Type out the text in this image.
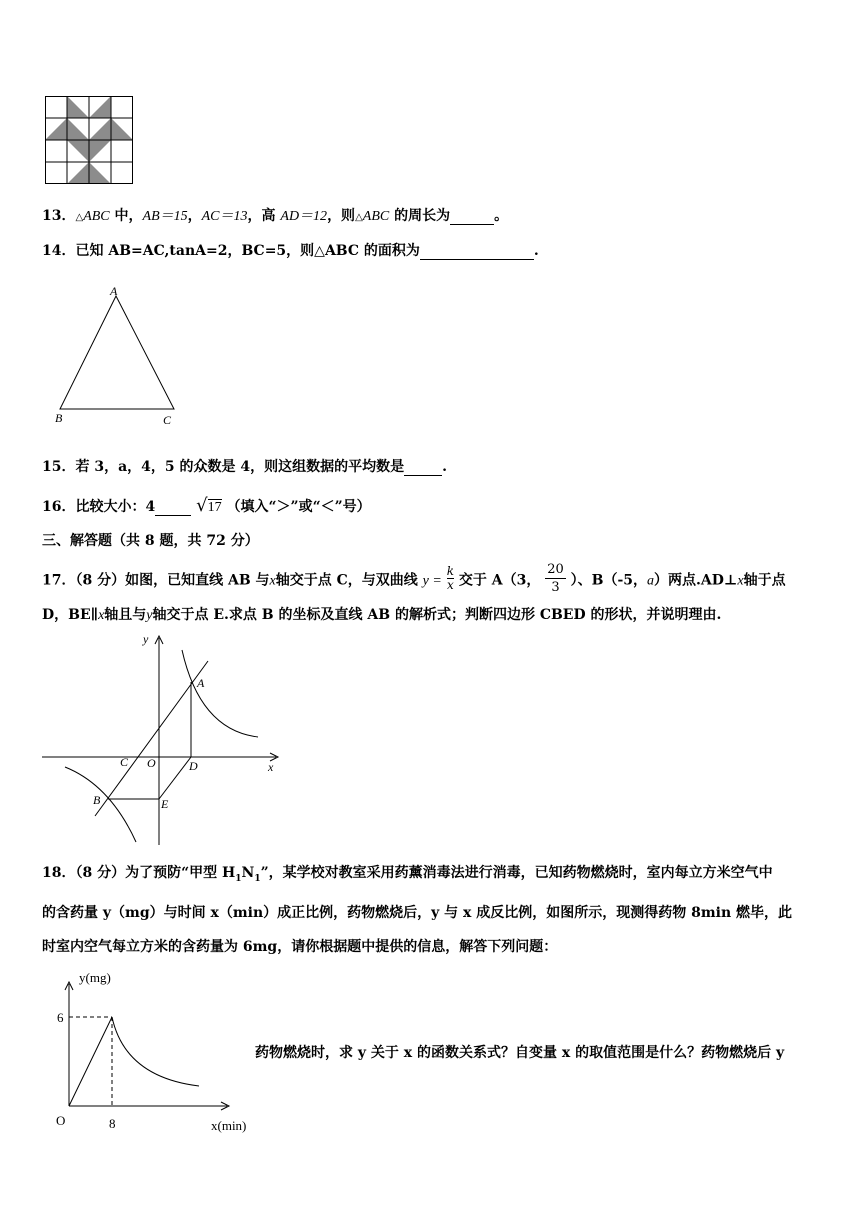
13．△ABC 中，AB＝15，AC＝13，高 AD＝12，则△ABC 的周长为	。
14．已知 AB=AC,tanA=2，BC=5，则△ABC 的面积为	.
A
B	C
15．若 3，a，4，5 的众数是 4，则这组数据的平均数是	.
16．比较大小：4 √17 （填入“＞”或“＜”号）
三、解答题（共 8 题，共 72 分）
17．（8 分）如图，已知直线 AB 与x轴交于点 C，与双曲线 $y = \frac{k}{x}$ 交于 A（3， $\frac{20}{3}$ ）、B（-5，a）两点.AD⊥x轴于点
D，BE∥x轴且与y轴交于点 E.求点 B 的坐标及直线 AB 的解析式；判断四边形 CBED 的形状，并说明理由.
y
x
A
C O	D
B	E
18．（8 分）为了预防“甲型 $H_1N_1$”，某学校对教室采用药薰消毒法进行消毒，已知药物燃烧时，室内每立方米空气中
的含药量 y（mg）与时间 x（min）成正比例，药物燃烧后，y 与 x 成反比例，如图所示，现测得药物 8min 燃毕，此
时室内空气每立方米的含药量为 6mg，请你根据题中提供的信息，解答下列问题：
y(mg)
6
O	8	x(min)
药物燃烧时，求 y 关于 x 的函数关系式？自变量 x 的取值范围是什么？药物燃烧后 y
